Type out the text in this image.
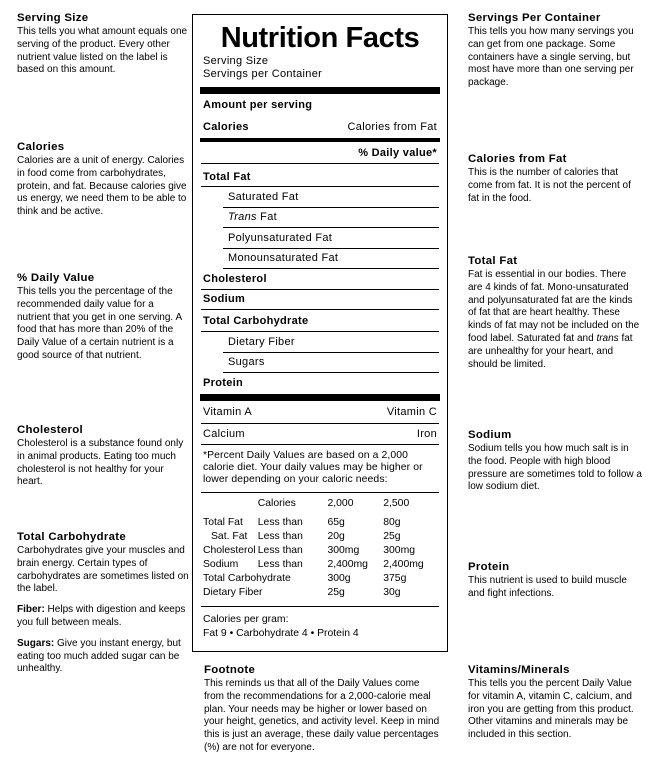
Serving Size

This tells you what amount equals one serving of the product. Every other nutrient value listed on the label is based on this amount.

Calories

Calories are a unit of energy. Calories in food come from carbohydrates, protein, and fat. Because calories give us energy, we need them to be able to think and be active.

% Daily Value

This tells you the percentage of the recommended daily value for a nutrient that you get in one serving. A food that has more than 20% of the Daily Value of a certain nutrient is a good source of that nutrient.

Cholesterol

Cholesterol is a substance found only in animal products. Eating too much cholesterol is not healthy for your heart.

Total Carbohydrate

Carbohydrates give your muscles and brain energy. Certain types of carbohydrates are sometimes listed on the label.

Fiber: Helps with digestion and keeps you full between meals.

Sugars: Give you instant energy, but eating too much added sugar can be unhealthy.

Nutrition Facts
Serving Size
Servings per Container
Amount per serving
Calories	Calories from Fat
% Daily value*
Total Fat
Saturated Fat
Trans Fat
Polyunsaturated Fat
Monounsaturated Fat
Cholesterol
Sodium
Total Carbohydrate
Dietary Fiber
Sugars
Protein
Vitamin A	Vitamin C
Calcium	Iron
*Percent Daily Values are based on a 2,000 calorie diet. Your daily values may be higher or lower depending on your caloric needs:
Calories	2,000	2,500
Total Fat	Less than	65g	80g
Sat. Fat	Less than	20g	25g
Cholesterol Less than	300mg	300mg
Sodium	Less than	2,400mg	2,400mg
Total Carbohydrate	300g	375g
Dietary Fiber	25g	30g
Calories per gram:
Fat 9 • Carbohydrate 4 • Protein 4
Footnote

This reminds us that all of the Daily Values come from the recommendations for a 2,000-calorie meal plan. Your needs may be higher or lower based on your height, genetics, and activity level. Keep in mind this is just an average, these daily value percentages (%) are not for everyone.

Servings Per Container

This tells you how many servings you can get from one package. Some containers have a single serving, but most have more than one serving per package.

Calories from Fat

This is the number of calories that come from fat. It is not the percent of fat in the food.

Total Fat

Fat is essential in our bodies. There are 4 kinds of fat. Mono-unsaturated and polyunsaturated fat are the kinds of fat that are heart healthy. These kinds of fat may not be included on the food label. Saturated fat and trans fat are unhealthy for your heart, and should be limited.

Sodium

Sodium tells you how much salt is in the food. People with high blood pressure are sometimes told to follow a low sodium diet.

Protein

This nutrient is used to build muscle and fight infections.

Vitamins/Minerals

This tells you the percent Daily Value for vitamin A, vitamin C, calcium, and iron you are getting from this product. Other vitamins and minerals may be included in this section.
